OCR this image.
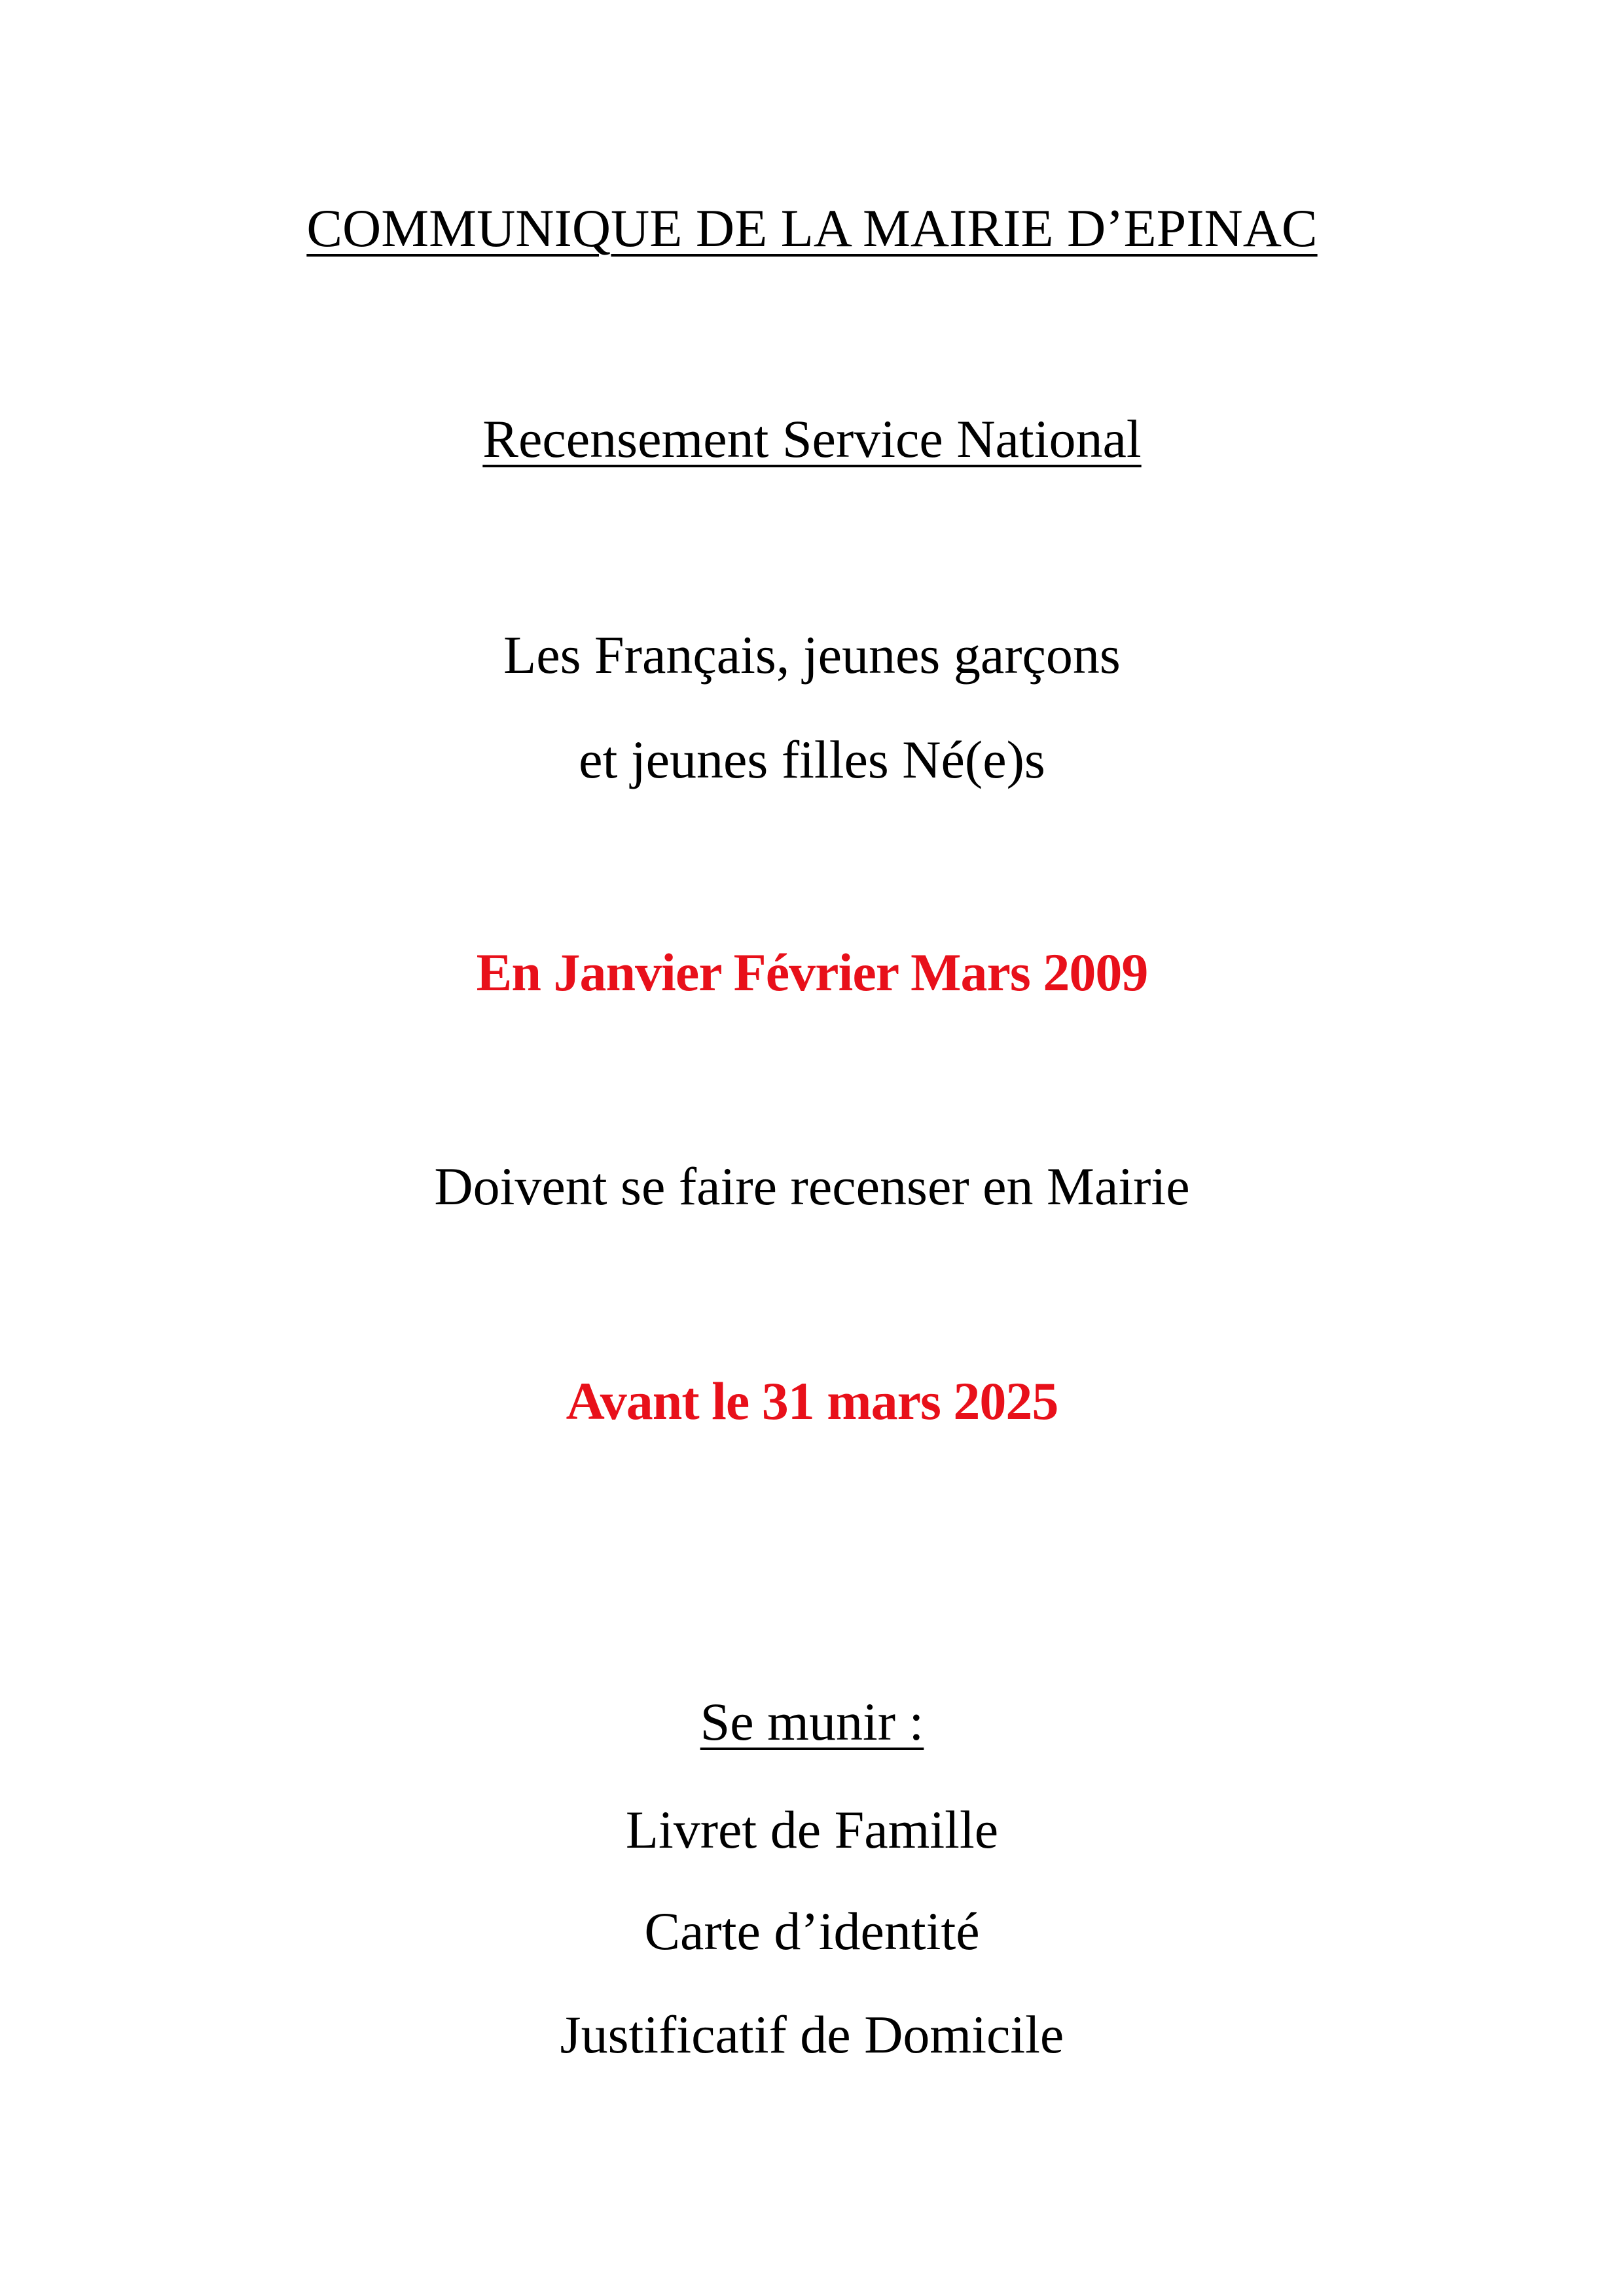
COMMUNIQUE DE LA MAIRIE D’EPINAC
Recensement Service National
Les Français, jeunes garçons
et jeunes filles Né(e)s
En Janvier Février Mars 2009
Doivent se faire recenser en Mairie
Avant le 31 mars 2025
Se munir :
Livret de Famille
Carte d’identité
Justificatif de Domicile
